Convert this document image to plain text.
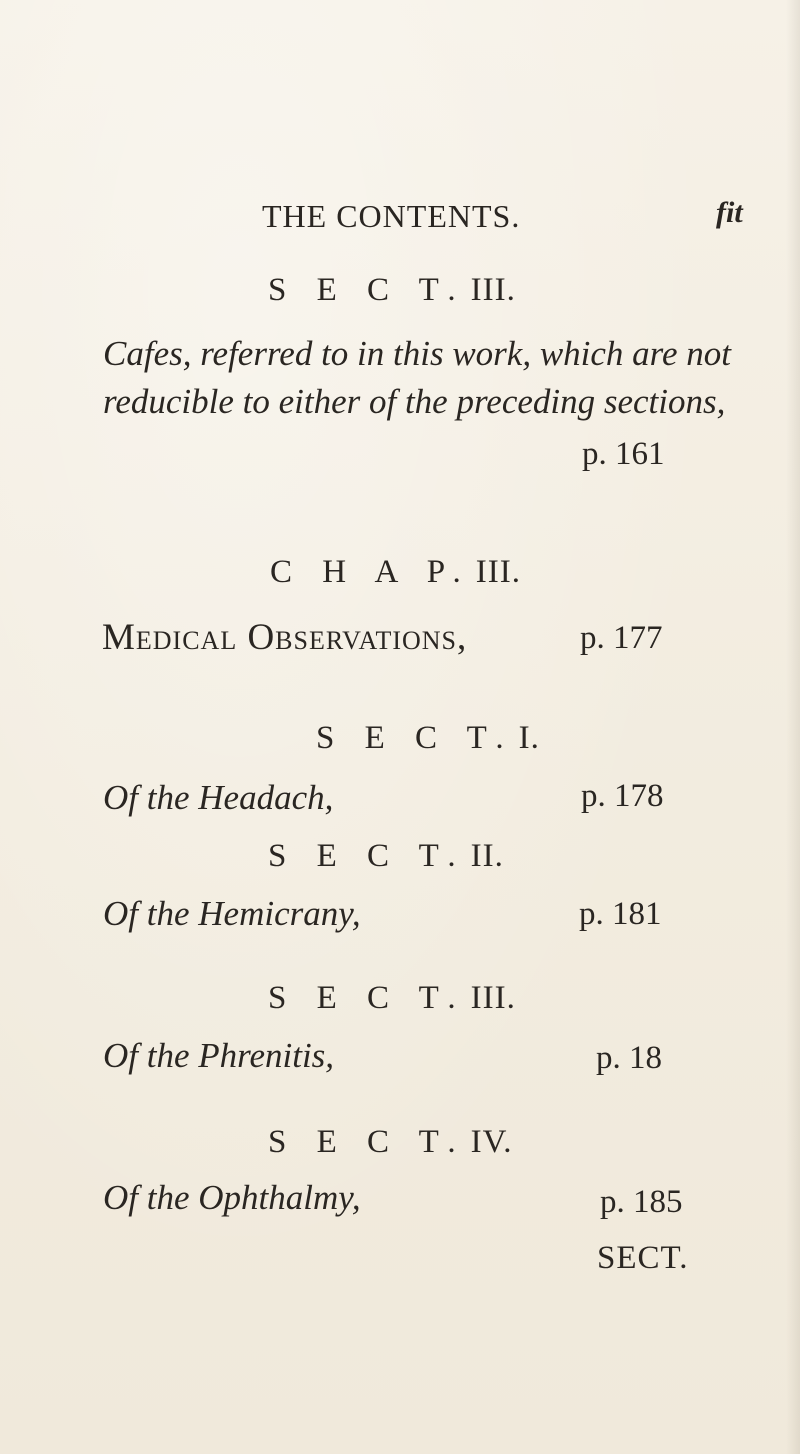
THE CONTENTS.	fit
S E C T. III.
Cafes, referred to in this work, which are not
reducible to either of the preceding sections,
p. 161
C H A P. III.
Medical Observations,	p. 177
S E C T. I.
Of the Headach,	p. 178
S E C T. II.
Of the Hemicrany,	p. 181
S E C T. III.
Of the Phrenitis,	p. 18
S E C T. IV.
Of the Ophthalmy,	p. 185
SECT.
